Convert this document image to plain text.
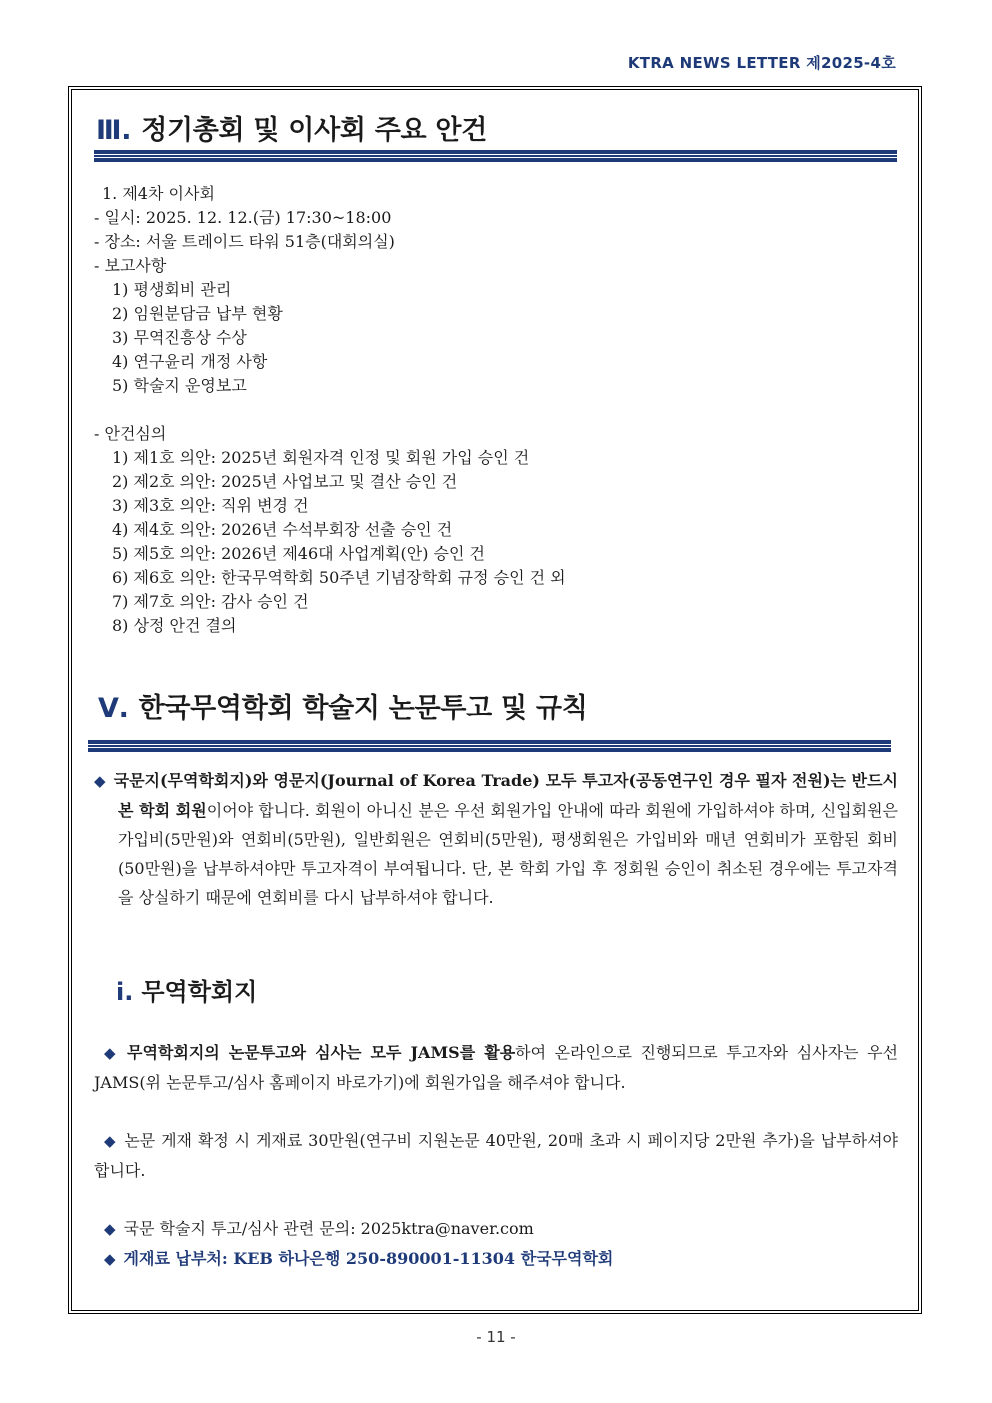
KTRA NEWS LETTER 제2025-4호
Ⅲ. 정기총회 및 이사회 주요 안건
1. 제4차 이사회
- 일시: 2025. 12. 12.(금) 17:30~18:00
- 장소: 서울 트레이드 타워 51층(대회의실)
- 보고사항
1) 평생회비 관리
2) 임원분담금 납부 현황
3) 무역진흥상 수상
4) 연구윤리 개정 사항
5) 학술지 운영보고
- 안건심의
1) 제1호 의안: 2025년 회원자격 인정 및 회원 가입 승인 건
2) 제2호 의안: 2025년 사업보고 및 결산 승인 건
3) 제3호 의안: 직위 변경 건
4) 제4호 의안: 2026년 수석부회장 선출 승인 건
5) 제5호 의안: 2026년 제46대 사업계획(안) 승인 건
6) 제6호 의안: 한국무역학회 50주년 기념장학회 규정 승인 건 외
7) 제7호 의안: 감사 승인 건
8) 상정 안건 결의
Ⅴ. 한국무역학회 학술지 논문투고 및 규칙
◆ 국문지(무역학회지)와 영문지(Journal of Korea Trade) 모두 투고자(공동연구인 경우 필자 전원)는 반드시 본 학회 회원이어야 합니다. 회원이 아니신 분은 우선 회원가입 안내에 따라 회원에 가입하셔야 하며, 신입회원은 가입비(5만원)와 연회비(5만원), 일반회원은 연회비(5만원), 평생회원은 가입비와 매년 연회비가 포함된 회비(50만원)을 납부하셔야만 투고자격이 부여됩니다. 단, 본 학회 가입 후 정회원 승인이 취소된 경우에는 투고자격을 상실하기 때문에 연회비를 다시 납부하셔야 합니다.
ⅰ. 무역학회지
◆ 무역학회지의 논문투고와 심사는 모두 JAMS를 활용하여 온라인으로 진행되므로 투고자와 심사자는 우선 JAMS(위 논문투고/심사 홈페이지 바로가기)에 회원가입을 해주셔야 합니다.
◆ 논문 게재 확정 시 게재료 30만원(연구비 지원논문 40만원, 20매 초과 시 페이지당 2만원 추가)을 납부하셔야 합니다.
◆ 국문 학술지 투고/심사 관련 문의: 2025ktra@naver.com
◆ 게재료 납부처: KEB 하나은행 250-890001-11304 한국무역학회
- 11 -
